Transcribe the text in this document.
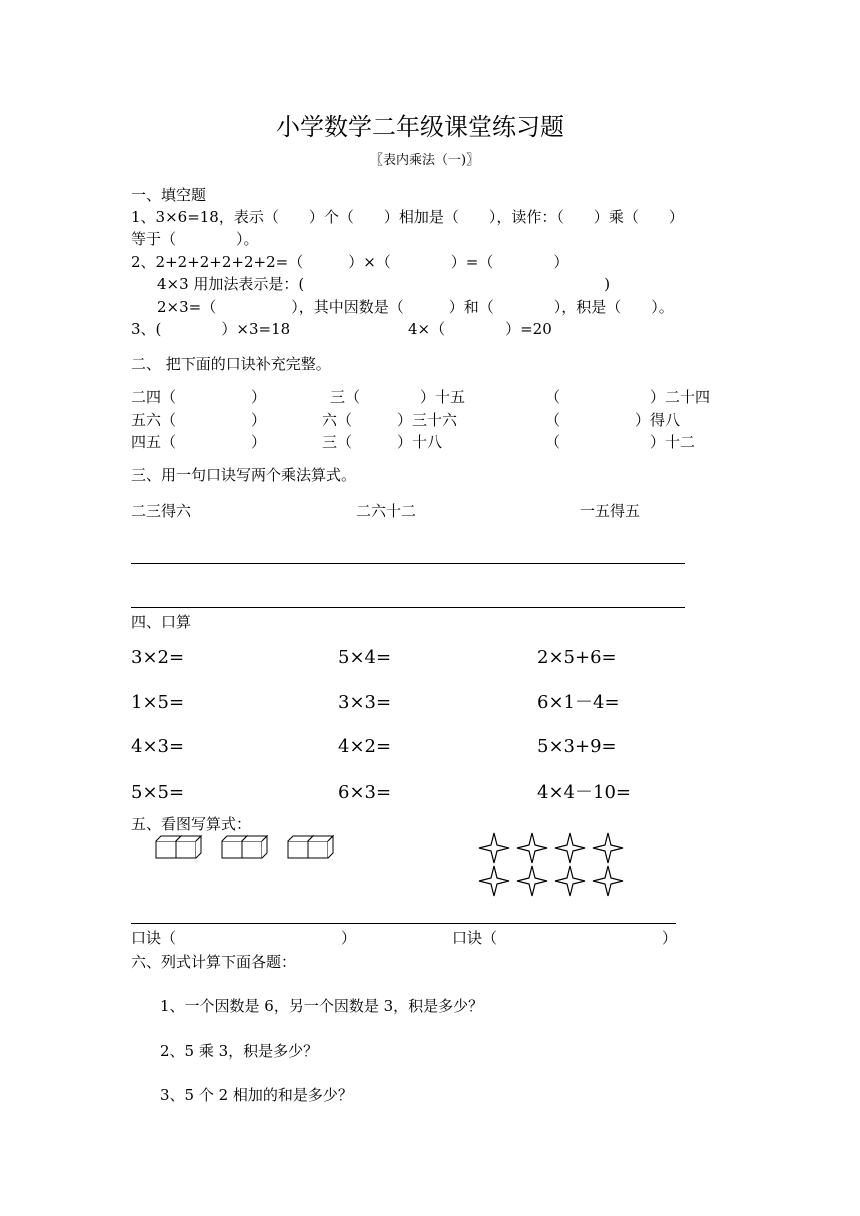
小学数学二年级课堂练习题
〖表内乘法（一)〗
一、填空题
1、3×6=18，表示（　　）个（　　）相加是（　　），读作：（　　）乘（　　）
等于（　　　　）。
2、2+2+2+2+2+2=（　　　）×（　　　　）=（　　　　）
4×3 用加法表示是：(　　　　　　　　　　　　　　　　　　　　)
2×3=（　　　　　），其中因数是（　　　）和（　　　　），积是（　　）。
3、(　　　　）×3=18	4×（　　　　）=20
二、 把下面的口诀补充完整。
二四（　　　　　）	三（　　　　）十五	（　　　　　　）二十四
五六（　　　　　）	六（　　　）三十六	（　　　　　）得八
四五（　　　　　）	三（　　　）十八	（　　　　　　）十二
三、用一句口诀写两个乘法算式。
二三得六	二六十二	一五得五
四、口算
3×2=	5×4=	2×5+6=
1×5=	3×3=	6×1－4=
4×3=	4×2=	5×3+9=
5×5=	6×3=	4×4－10=
五、看图写算式：
口诀（　　　　　　　　　　　）	口诀（　　　　　　　　　　　）
六、列式计算下面各题：
1、一个因数是 6，另一个因数是 3，积是多少？
2、5 乘 3，积是多少？
3、5 个 2 相加的和是多少？
